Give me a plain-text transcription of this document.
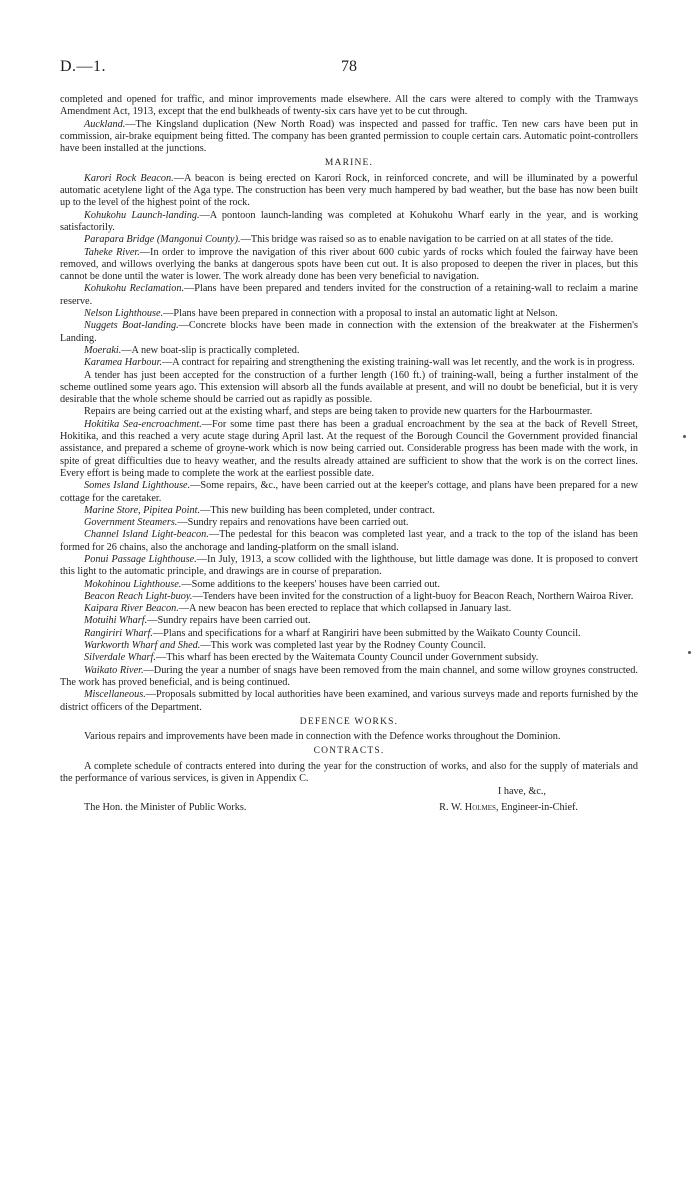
D.—1.	78

completed and opened for traffic, and minor improvements made elsewhere. All the cars were altered to comply with the Tramways Amendment Act, 1913, except that the end bulkheads of twenty-six cars have yet to be cut through.

Auckland.—The Kingsland duplication (New North Road) was inspected and passed for traffic. Ten new cars have been put in commission, air-brake equipment being fitted. The company has been granted permission to couple certain cars. Automatic point-controllers have been installed at the junctions.

MARINE.

Karori Rock Beacon.—A beacon is being erected on Karori Rock, in reinforced concrete, and will be illuminated by a powerful automatic acetylene light of the Aga type. The construction has been very much hampered by bad weather, but the base has now been built up to the level of the highest point of the rock.

Kohukohu Launch-landing.—A pontoon launch-landing was completed at Kohukohu Wharf early in the year, and is working satisfactorily.

Parapara Bridge (Mangonui County).—This bridge was raised so as to enable navigation to be carried on at all states of the tide.

Taheke River.—In order to improve the navigation of this river about 600 cubic yards of rocks which fouled the fairway have been removed, and willows overlying the banks at dangerous spots have been cut out. It is also proposed to deepen the river in places, but this cannot be done until the water is lower. The work already done has been very beneficial to navigation.

Kohukohu Reclamation.—Plans have been prepared and tenders invited for the construction of a retaining-wall to reclaim a marine reserve.

Nelson Lighthouse.—Plans have been prepared in connection with a proposal to instal an automatic light at Nelson.

Nuggets Boat-landing.—Concrete blocks have been made in connection with the extension of the breakwater at the Fishermen's Landing.

Moeraki.—A new boat-slip is practically completed.

Karamea Harbour.—A contract for repairing and strengthening the existing training-wall was let recently, and the work is in progress.

A tender has just been accepted for the construction of a further length (160 ft.) of training-wall, being a further instalment of the scheme outlined some years ago. This extension will absorb all the funds available at present, and will no doubt be beneficial, but it is very desirable that the whole scheme should be carried out as rapidly as possible.

Repairs are being carried out at the existing wharf, and steps are being taken to provide new quarters for the Harbourmaster.

Hokitika Sea-encroachment.—For some time past there has been a gradual encroachment by the sea at the back of Revell Street, Hokitika, and this reached a very acute stage during April last. At the request of the Borough Council the Government provided financial assistance, and prepared a scheme of groyne-work which is now being carried out. Considerable progress has been made with the work, in spite of great difficulties due to heavy weather, and the results already attained are sufficient to show that the work is on the correct lines. Every effort is being made to complete the work at the earliest possible date.

Somes Island Lighthouse.—Some repairs, &c., have been carried out at the keeper's cottage, and plans have been prepared for a new cottage for the caretaker.

Marine Store, Pipitea Point.—This new building has been completed, under contract.

Government Steamers.—Sundry repairs and renovations have been carried out.

Channel Island Light-beacon.—The pedestal for this beacon was completed last year, and a track to the top of the island has been formed for 26 chains, also the anchorage and landing-platform on the small island.

Ponui Passage Lighthouse.—In July, 1913, a scow collided with the lighthouse, but little damage was done. It is proposed to convert this light to the automatic principle, and drawings are in course of preparation.

Mokohinou Lighthouse.—Some additions to the keepers' houses have been carried out.

Beacon Reach Light-buoy.—Tenders have been invited for the construction of a light-buoy for Beacon Reach, Northern Wairoa River.

Kaipara River Beacon.—A new beacon has been erected to replace that which collapsed in January last.

Motuihi Wharf.—Sundry repairs have been carried out.

Rangiriri Wharf.—Plans and specifications for a wharf at Rangiriri have been submitted by the Waikato County Council.

Warkworth Wharf and Shed.—This work was completed last year by the Rodney County Council.

Silverdale Wharf.—This wharf has been erected by the Waitemata County Council under Government subsidy.

Waikato River.—During the year a number of snags have been removed from the main channel, and some willow groynes constructed. The work has proved beneficial, and is being continued.

Miscellaneous.—Proposals submitted by local authorities have been examined, and various surveys made and reports furnished by the district officers of the Department.

DEFENCE WORKS.

Various repairs and improvements have been made in connection with the Defence works throughout the Dominion.

CONTRACTS.

A complete schedule of contracts entered into during the year for the construction of works, and also for the supply of materials and the performance of various services, is given in Appendix C.

I have, &c.,
The Hon. the Minister of Public Works.	R. W. Holmes, Engineer-in-Chief.
